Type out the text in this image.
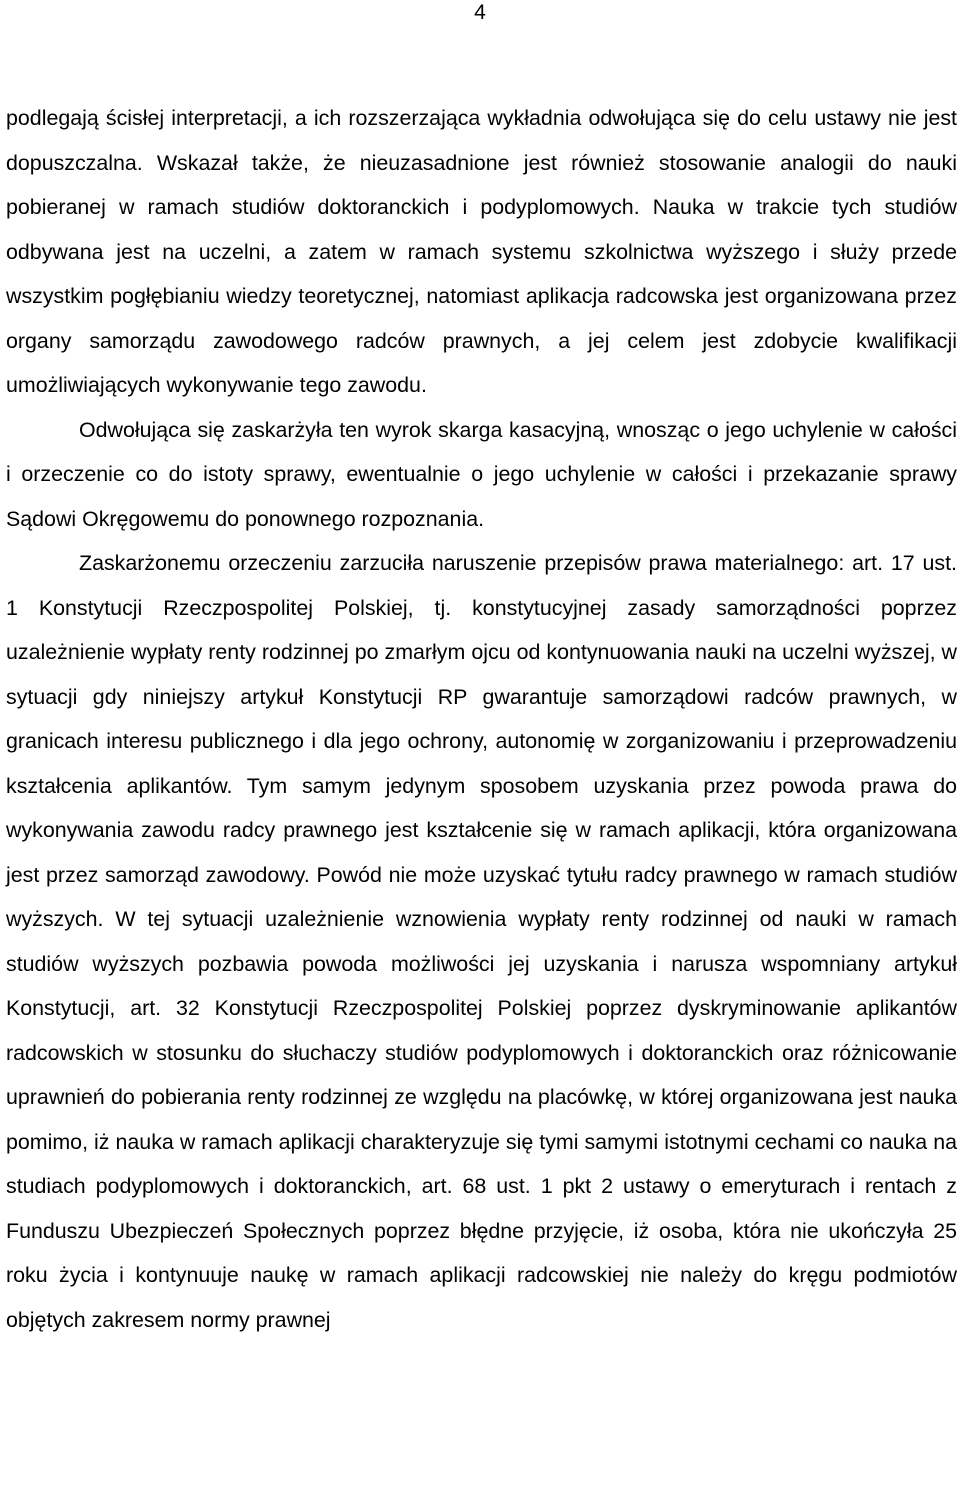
4

podlegają ścisłej interpretacji, a ich rozszerzająca wykładnia odwołująca się do celu ustawy nie jest dopuszczalna. Wskazał także, że nieuzasadnione jest również stosowanie analogii do nauki pobieranej w ramach studiów doktoranckich i podyplomowych. Nauka w trakcie tych studiów odbywana jest na uczelni, a zatem w ramach systemu szkolnictwa wyższego i służy przede wszystkim pogłębianiu wiedzy teoretycznej, natomiast aplikacja radcowska jest organizowana przez organy samorządu zawodowego radców prawnych, a jej celem jest zdobycie kwalifikacji umożliwiających wykonywanie tego zawodu.

Odwołująca się zaskarżyła ten wyrok skarga kasacyjną, wnosząc o jego uchylenie w całości i orzeczenie co do istoty sprawy, ewentualnie o jego uchylenie w całości i przekazanie sprawy Sądowi Okręgowemu do ponownego rozpoznania.

Zaskarżonemu orzeczeniu zarzuciła naruszenie przepisów prawa materialnego: art. 17 ust. 1 Konstytucji Rzeczpospolitej Polskiej, tj. konstytucyjnej zasady samorządności poprzez uzależnienie wypłaty renty rodzinnej po zmarłym ojcu od kontynuowania nauki na uczelni wyższej, w sytuacji gdy niniejszy artykuł Konstytucji RP gwarantuje samorządowi radców prawnych, w granicach interesu publicznego i dla jego ochrony, autonomię w zorganizowaniu i przeprowadzeniu kształcenia aplikantów. Tym samym jedynym sposobem uzyskania przez powoda prawa do wykonywania zawodu radcy prawnego jest kształcenie się w ramach aplikacji, która organizowana jest przez samorząd zawodowy. Powód nie może uzyskać tytułu radcy prawnego w ramach studiów wyższych. W tej sytuacji uzależnienie wznowienia wypłaty renty rodzinnej od nauki w ramach studiów wyższych pozbawia powoda możliwości jej uzyskania i narusza wspomniany artykuł Konstytucji, art. 32 Konstytucji Rzeczpospolitej Polskiej poprzez dyskryminowanie aplikantów radcowskich w stosunku do słuchaczy studiów podyplomowych i doktoranckich oraz różnicowanie uprawnień do pobierania renty rodzinnej ze względu na placówkę, w której organizowana jest nauka pomimo, iż nauka w ramach aplikacji charakteryzuje się tymi samymi istotnymi cechami co nauka na studiach podyplomowych i doktoranckich, art. 68 ust. 1 pkt 2 ustawy o emeryturach i rentach z Funduszu Ubezpieczeń Społecznych poprzez błędne przyjęcie, iż osoba, która nie ukończyła 25 roku życia i kontynuuje naukę w ramach aplikacji radcowskiej nie należy do kręgu podmiotów objętych zakresem normy prawnej
